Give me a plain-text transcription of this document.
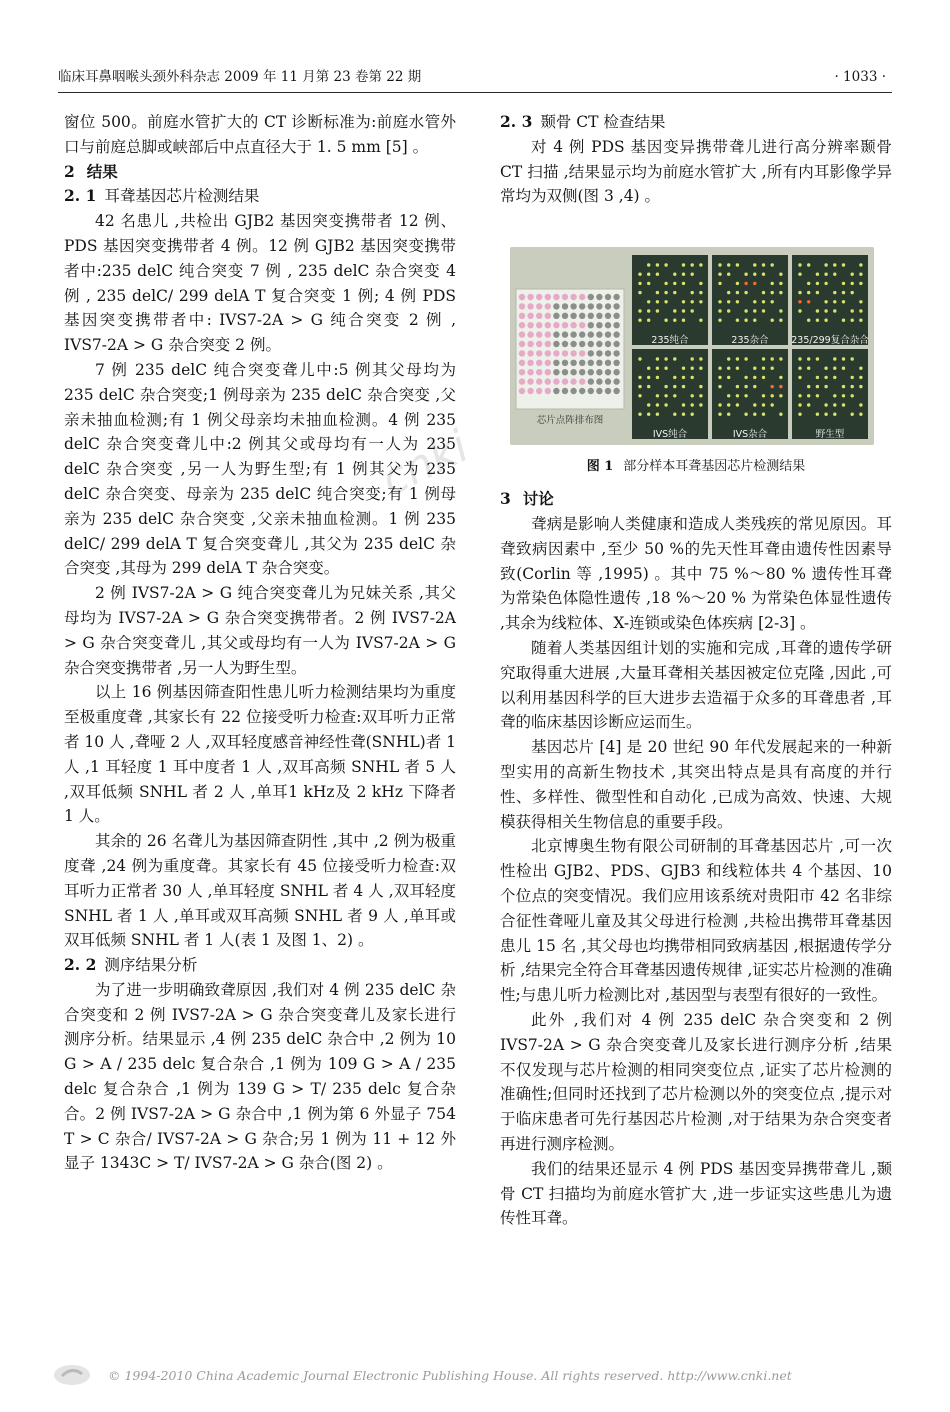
临床耳鼻咽喉头颈外科杂志 2009 年 11 月第 23 卷第 22 期	· 1033 ·
cnki

窗位 500。前庭水管扩大的 CT 诊断标准为:前庭水管外口与前庭总脚或峡部后中点直径大于 1. 5 mm [5] 。

2 结果
2. 1 耳聋基因芯片检测结果

42 名患儿 ,共检出 GJB2 基因突变携带者 12 例、PDS 基因突变携带者 4 例。12 例 GJB2 基因突变携带者中:235 delC 纯合突变 7 例 , 235 delC 杂合突变 4 例 , 235 delC/ 299 delA T 复合突变 1 例; 4 例 PDS 基因突变携带者中: IVS7-2A > G 纯合突变 2 例 , IVS7-2A > G 杂合突变 2 例。

7 例 235 delC 纯合突变聋儿中:5 例其父母均为 235 delC 杂合突变;1 例母亲为 235 delC 杂合突变 ,父亲未抽血检测;有 1 例父母亲均未抽血检测。4 例 235 delC 杂合突变聋儿中:2 例其父或母均有一人为 235 delC 杂合突变 ,另一人为野生型;有 1 例其父为 235 delC 杂合突变、母亲为 235 delC 纯合突变;有 1 例母亲为 235 delC 杂合突变 ,父亲未抽血检测。1 例 235 delC/ 299 delA T 复合突变聋儿 ,其父为 235 delC 杂合突变 ,其母为 299 delA T 杂合突变。

2 例 IVS7-2A > G 纯合突变聋儿为兄妹关系 ,其父母均为 IVS7-2A > G 杂合突变携带者。2 例 IVS7-2A > G 杂合突变聋儿 ,其父或母均有一人为 IVS7-2A > G 杂合突变携带者 ,另一人为野生型。

以上 16 例基因筛查阳性患儿听力检测结果均为重度至极重度聋 ,其家长有 22 位接受听力检查:双耳听力正常者 10 人 ,聋哑 2 人 ,双耳轻度感音神经性聋(SNHL)者 1 人 ,1 耳轻度 1 耳中度者 1 人 ,双耳高频 SNHL 者 5 人 ,双耳低频 SNHL 者 2 人 ,单耳1 kHz及 2 kHz 下降者 1 人。

其余的 26 名聋儿为基因筛查阴性 ,其中 ,2 例为极重度聋 ,24 例为重度聋。其家长有 45 位接受听力检查:双耳听力正常者 30 人 ,单耳轻度 SNHL 者 4 人 ,双耳轻度 SNHL 者 1 人 ,单耳或双耳高频 SNHL 者 9 人 ,单耳或双耳低频 SNHL 者 1 人(表 1 及图 1、2) 。

2. 2 测序结果分析

为了进一步明确致聋原因 ,我们对 4 例 235 delC 杂合突变和 2 例 IVS7-2A > G 杂合突变聋儿及家长进行测序分析。结果显示 ,4 例 235 delC 杂合中 ,2 例为 10 G > A / 235 delc 复合杂合 ,1 例为 109 G > A / 235 delc 复合杂合 ,1 例为 139 G > T/ 235 delc 复合杂合。2 例 IVS7-2A > G 杂合中 ,1 例为第 6 外显子 754 T > C 杂合/ IVS7-2A > G 杂合;另 1 例为 11 + 12 外显子 1343C > T/ IVS7-2A > G 杂合(图 2) 。

2. 3 颞骨 CT 检查结果

对 4 例 PDS 基因变异携带聋儿进行高分辨率颞骨 CT 扫描 ,结果显示均为前庭水管扩大 ,所有内耳影像学异常均为双侧(图 3 ,4) 。

235纯合	235杂合 235/299复合杂合
芯片点阵排布图
IVS纯合	IVS杂合	野生型
图 1 部分样本耳聋基因芯片检测结果
3 讨论

聋病是影响人类健康和造成人类残疾的常见原因。耳聋致病因素中 ,至少 50 %的先天性耳聋由遗传性因素导致(Corlin 等 ,1995) 。其中 75 %～80 % 遗传性耳聋为常染色体隐性遗传 ,18 %～20 % 为常染色体显性遗传 ,其余为线粒体、X-连锁或染色体疾病 [2-3] 。

随着人类基因组计划的实施和完成 ,耳聋的遗传学研究取得重大进展 ,大量耳聋相关基因被定位克隆 ,因此 ,可以利用基因科学的巨大进步去造福于众多的耳聋患者 ,耳聋的临床基因诊断应运而生。

基因芯片 [4] 是 20 世纪 90 年代发展起来的一种新型实用的高新生物技术 ,其突出特点是具有高度的并行性、多样性、微型性和自动化 ,已成为高效、快速、大规模获得相关生物信息的重要手段。

北京博奥生物有限公司研制的耳聋基因芯片 ,可一次性检出 GJB2、PDS、GJB3 和线粒体共 4 个基因、10 个位点的突变情况。我们应用该系统对贵阳市 42 名非综合征性聋哑儿童及其父母进行检测 ,共检出携带耳聋基因患儿 15 名 ,其父母也均携带相同致病基因 ,根据遗传学分析 ,结果完全符合耳聋基因遗传规律 ,证实芯片检测的准确性;与患儿听力检测比对 ,基因型与表型有很好的一致性。

此外 ,我们对 4 例 235 delC 杂合突变和 2 例 IVS7-2A > G 杂合突变聋儿及家长进行测序分析 ,结果不仅发现与芯片检测的相同突变位点 ,证实了芯片检测的准确性;但同时还找到了芯片检测以外的突变位点 ,提示对于临床患者可先行基因芯片检测 ,对于结果为杂合突变者再进行测序检测。

我们的结果还显示 4 例 PDS 基因变异携带聋儿 ,颞骨 CT 扫描均为前庭水管扩大 ,进一步证实这些患儿为遗传性耳聋。

© 1994-2010 China Academic Journal Electronic Publishing House. All rights reserved. http://www.cnki.net
